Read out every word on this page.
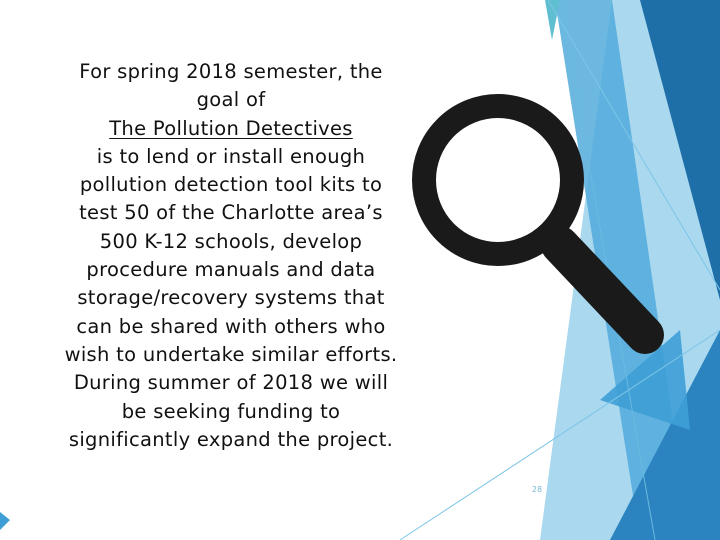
For spring 2018 semester, the
goal of
The Pollution Detectives
is to lend or install enough
pollution detection tool kits to
test 50 of the Charlotte area’s
500 K-12 schools, develop
procedure manuals and data
storage/recovery systems that
can be shared with others who
wish to undertake similar efforts.
During summer of 2018 we will
be seeking funding to
significantly expand the project.
28
